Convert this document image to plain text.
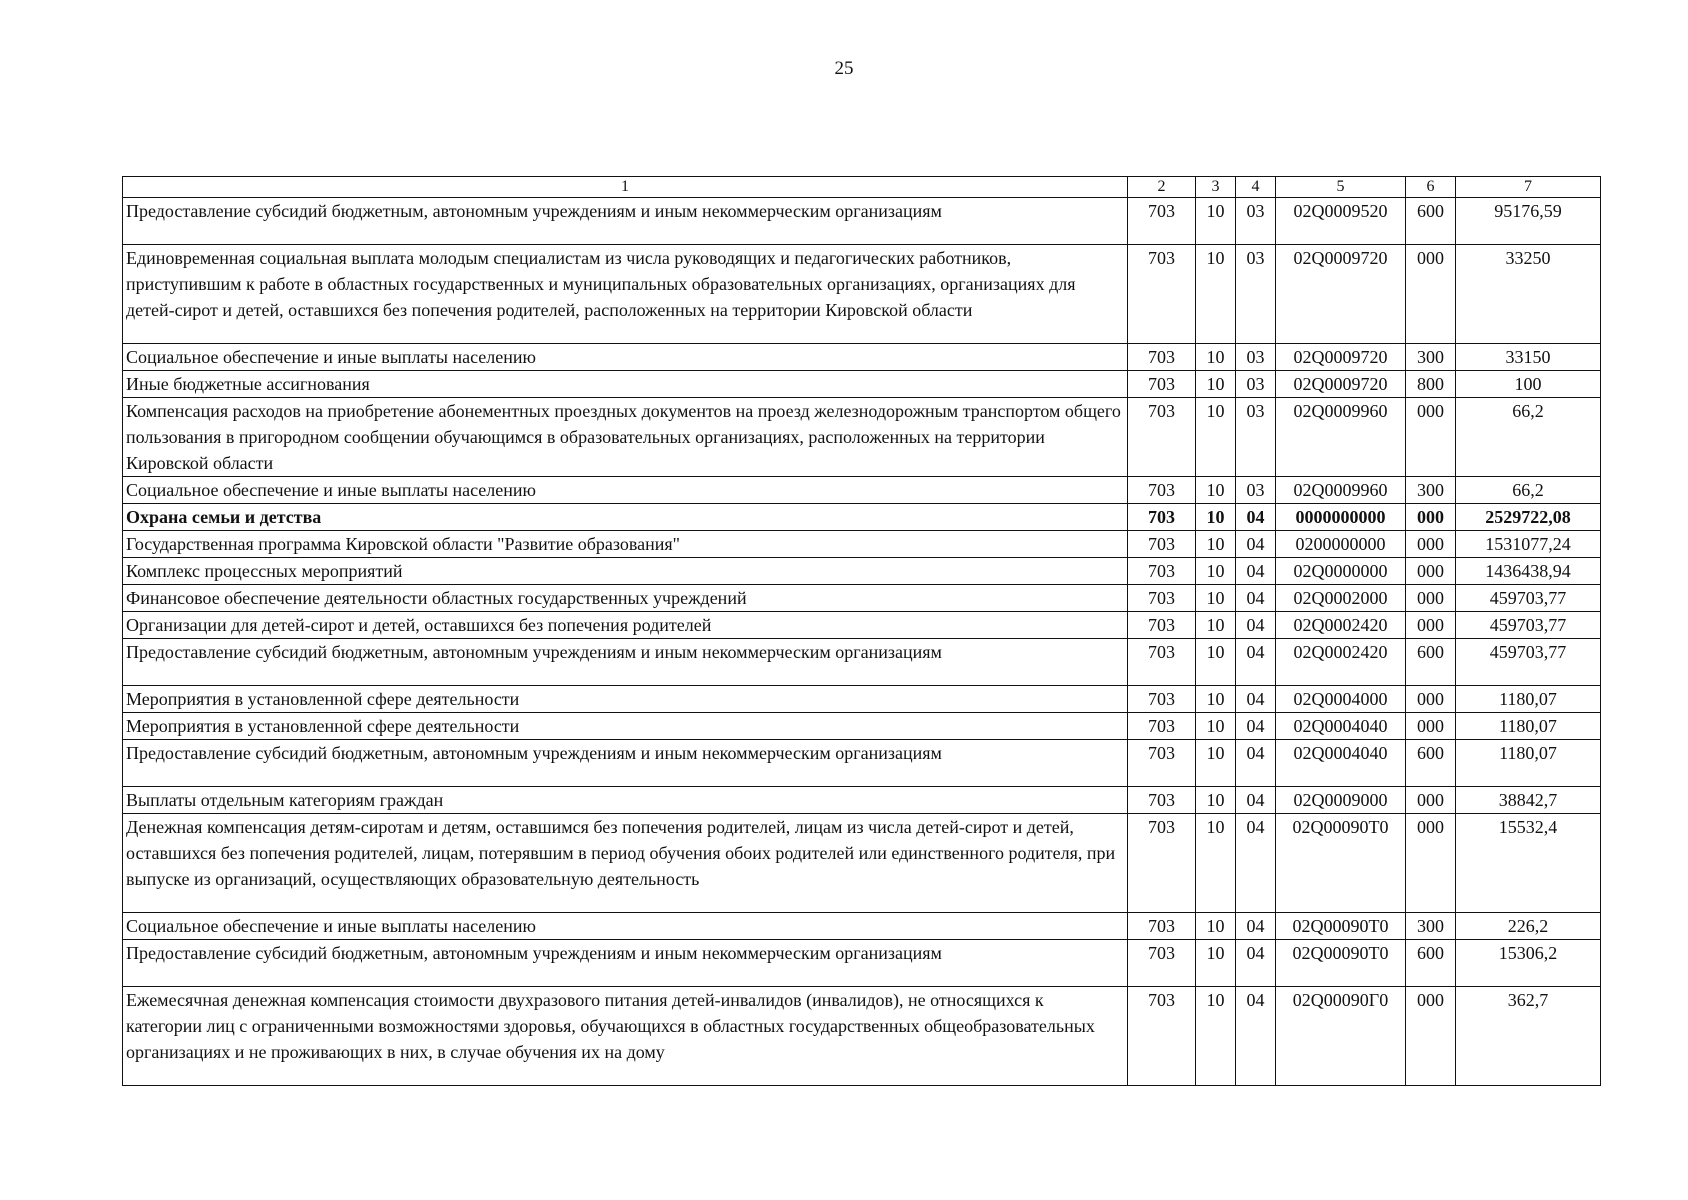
25
1	2	3	4	5	6	7
Предоставление субсидий бюджетным, автономным учреждениям и иным некоммерческим организациям	703	10	03	02Q0009520	600	95176,59
Единовременная социальная выплата молодым специалистам из числа руководящих и педагогических работников, приступившим к работе в областных государственных и муниципальных образовательных организациях, организациях для детей-сирот и детей, оставшихся без попечения родителей, расположенных на территории Кировской области	703	10	03	02Q0009720	000	33250
Социальное обеспечение и иные выплаты населению	703	10	03	02Q0009720	300	33150
Иные бюджетные ассигнования	703	10	03	02Q0009720	800	100
Компенсация расходов на приобретение абонементных проездных документов на проезд железнодорожным транспортом общего пользования в пригородном сообщении обучающимся в образовательных организациях, расположенных на территории Кировской области	703	10	03	02Q0009960	000	66,2
Социальное обеспечение и иные выплаты населению	703	10	03	02Q0009960	300	66,2
Охрана семьи и детства	703	10	04	0000000000	000	2529722,08
Государственная программа Кировской области "Развитие образования"	703	10	04	0200000000	000	1531077,24
Комплекс процессных мероприятий	703	10	04	02Q0000000	000	1436438,94
Финансовое обеспечение деятельности областных государственных учреждений	703	10	04	02Q0002000	000	459703,77
Организации для детей-сирот и детей, оставшихся без попечения родителей	703	10	04	02Q0002420	000	459703,77
Предоставление субсидий бюджетным, автономным учреждениям и иным некоммерческим организациям	703	10	04	02Q0002420	600	459703,77
Мероприятия в установленной сфере деятельности	703	10	04	02Q0004000	000	1180,07
Мероприятия в установленной сфере деятельности	703	10	04	02Q0004040	000	1180,07
Предоставление субсидий бюджетным, автономным учреждениям и иным некоммерческим организациям	703	10	04	02Q0004040	600	1180,07
Выплаты отдельным категориям граждан	703	10	04	02Q0009000	000	38842,7
Денежная компенсация детям-сиротам и детям, оставшимся без попечения родителей, лицам из числа детей-сирот и детей, оставшихся без попечения родителей, лицам, потерявшим в период обучения обоих родителей или единственного родителя, при выпуске из организаций, осуществляющих образовательную деятельность	703	10	04	02Q00090Т0	000	15532,4
Социальное обеспечение и иные выплаты населению	703	10	04	02Q00090Т0	300	226,2
Предоставление субсидий бюджетным, автономным учреждениям и иным некоммерческим организациям	703	10	04	02Q00090Т0	600	15306,2
Ежемесячная денежная компенсация стоимости двухразового питания детей-инвалидов (инвалидов), не относящихся к категории лиц с ограниченными возможностями здоровья, обучающихся в областных государственных общеобразовательных организациях и не проживающих в них, в случае обучения их на дому	703	10	04	02Q00090Г0	000	362,7
